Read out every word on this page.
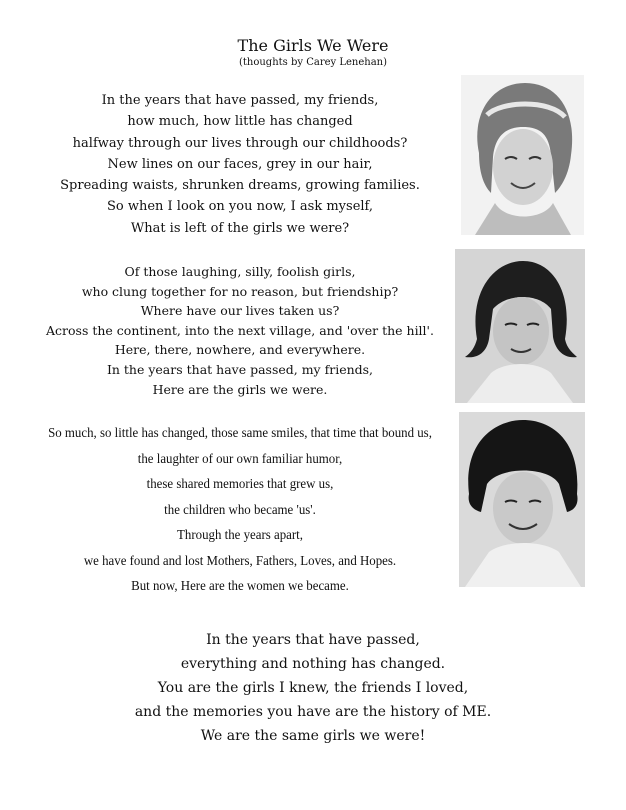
The Girls We Were
(thoughts by Carey Lenehan)
In the years that have passed, my friends,
how much, how little has changed
halfway through our lives through our childhoods?
New lines on our faces, grey in our hair,
Spreading waists, shrunken dreams, growing families.
So when I look on you now, I ask myself,
What is left of the girls we were?
Of those laughing, silly, foolish girls,
who clung together for no reason, but friendship?
Where have our lives taken us?
Across the continent, into the next village, and 'over the hill'.
Here, there, nowhere, and everywhere.
In the years that have passed, my friends,
Here are the girls we were.
So much, so little has changed, those same smiles, that time that bound us,
the laughter of our own familiar humor,
these shared memories that grew us,
the children who became 'us'.
Through the years apart,
we have found and lost Mothers, Fathers, Loves, and Hopes.
But now, Here are the women we became.
In the years that have passed,
everything and nothing has changed.
You are the girls I knew, the friends I loved,
and the memories you have are the history of ME.
We are the same girls we were!
